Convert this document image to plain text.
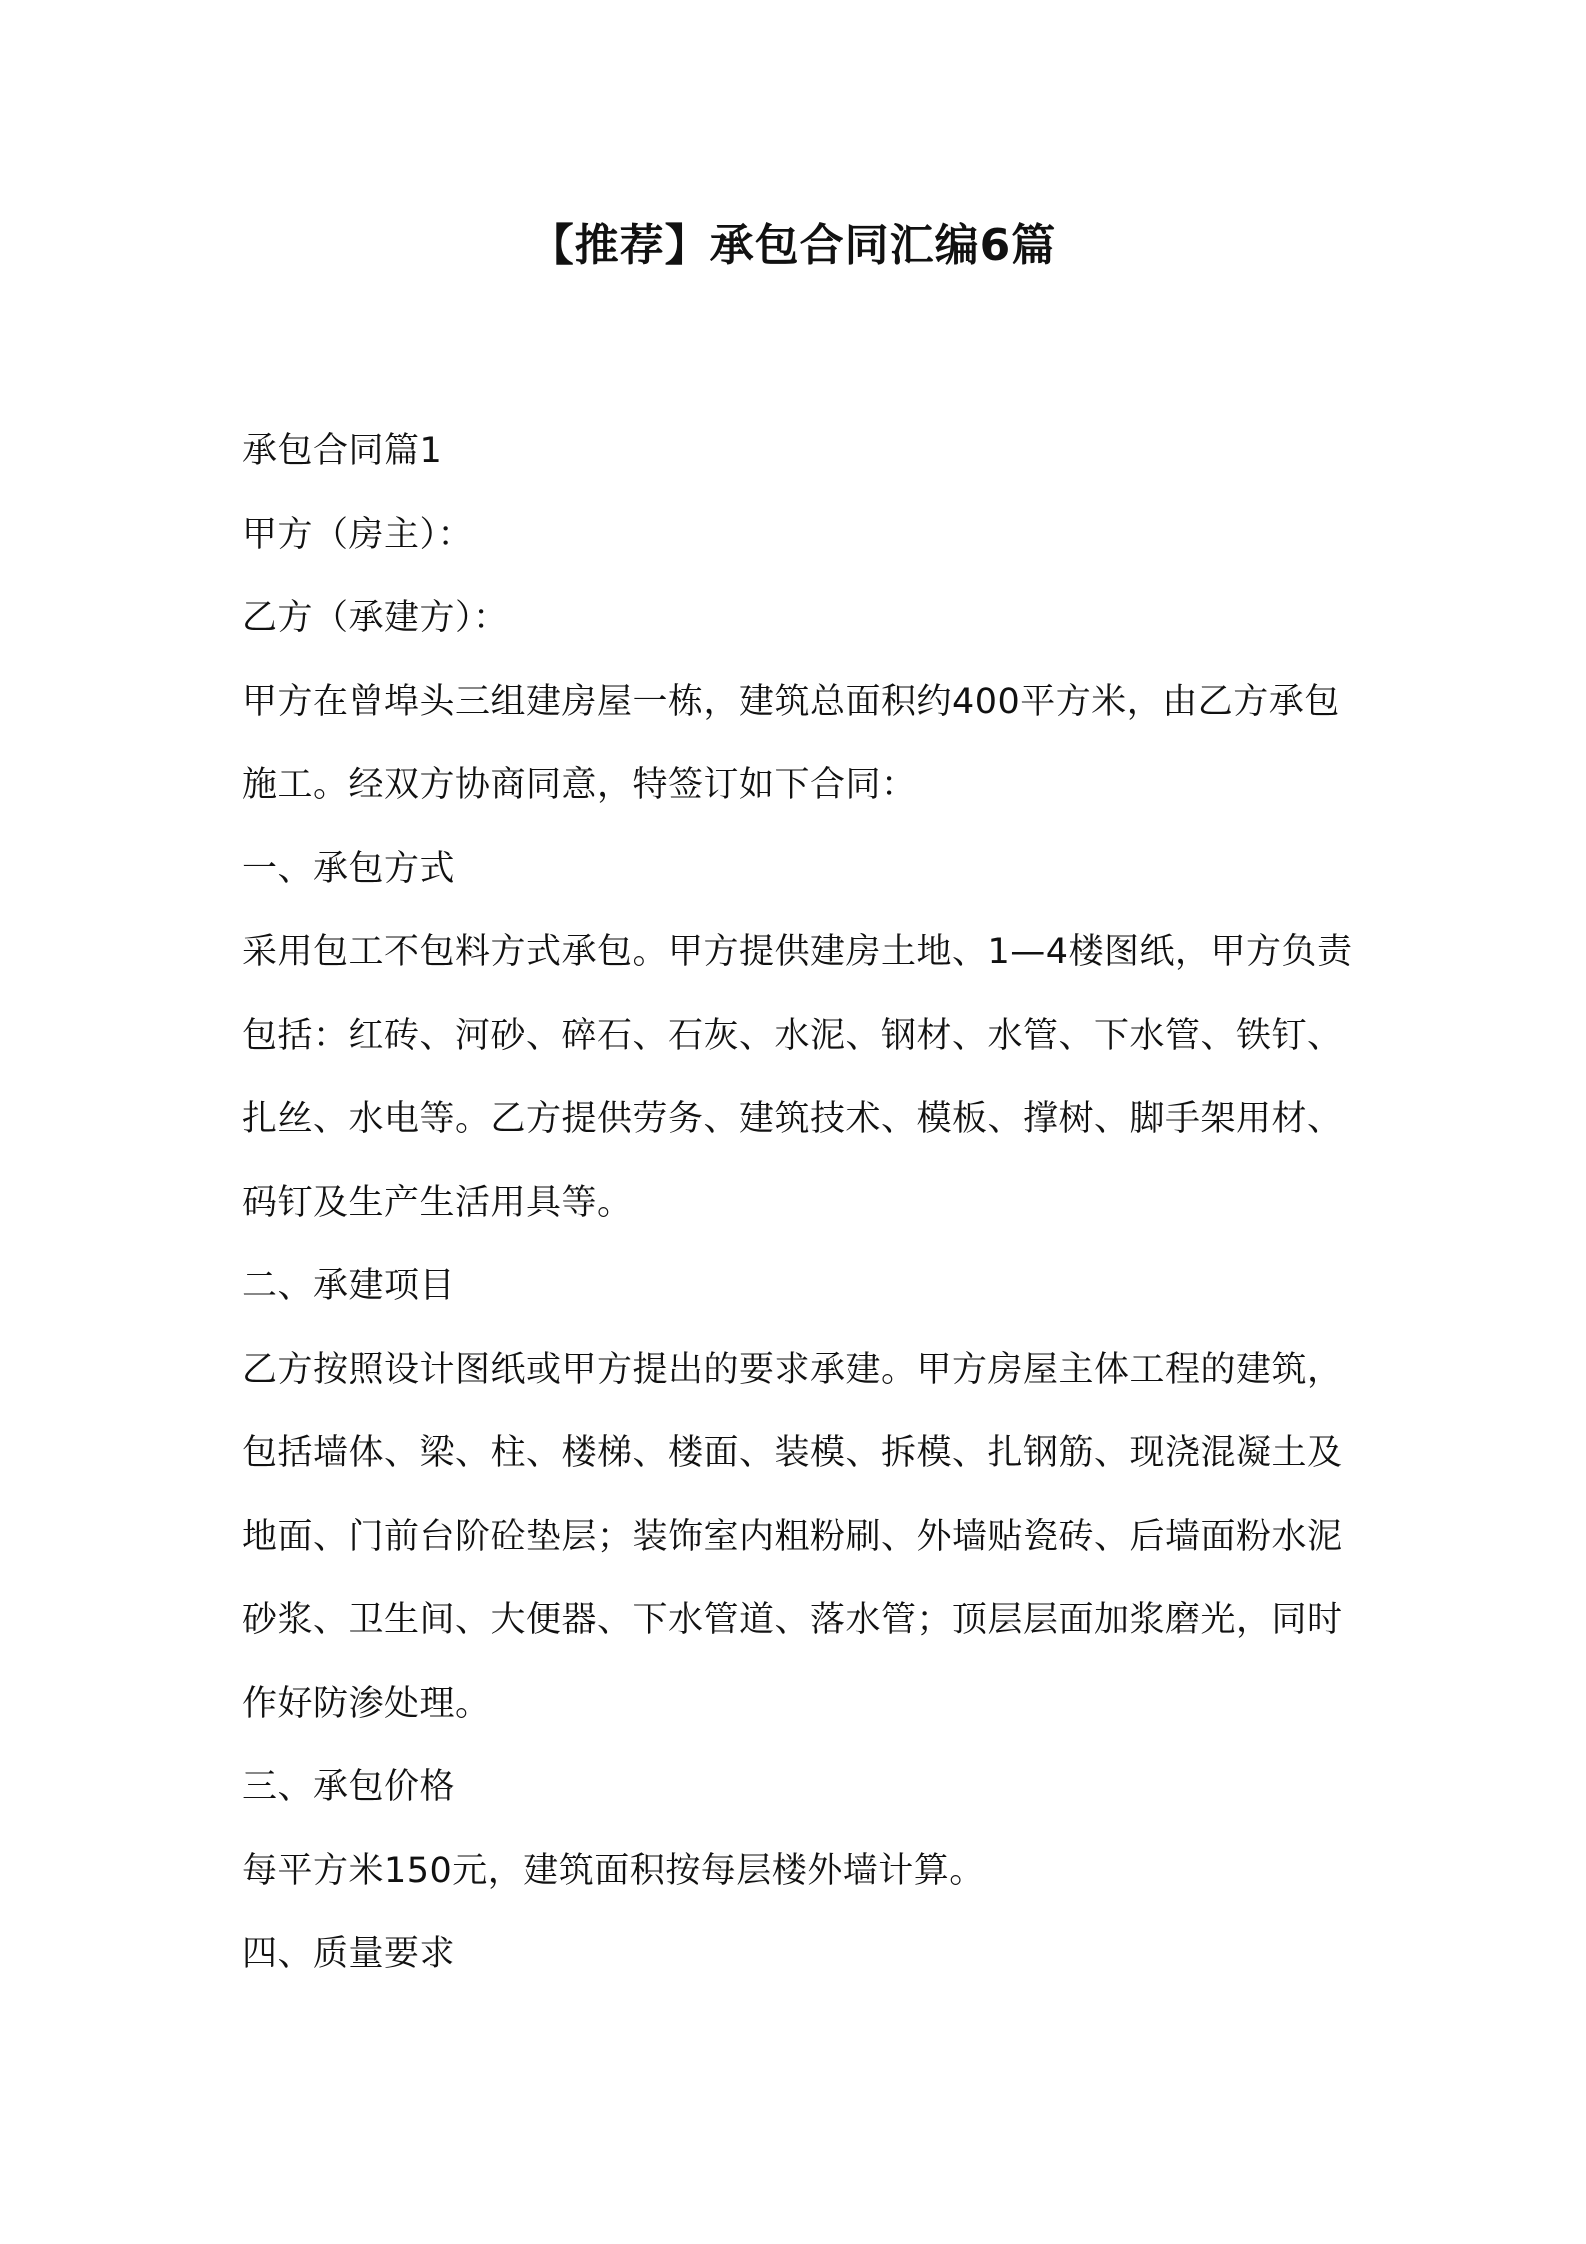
【推荐】承包合同汇编6篇

承包合同篇1

甲方（房主）：

乙方（承建方）：

甲方在曾埠头三组建房屋一栋，建筑总面积约400平方米，由乙方承包施工。经双方协商同意，特签订如下合同：

一、承包方式

采用包工不包料方式承包。甲方提供建房土地、1—4楼图纸，甲方负责包括：红砖、河砂、碎石、石灰、水泥、钢材、水管、下水管、铁钉、扎丝、水电等。乙方提供劳务、建筑技术、模板、撑树、脚手架用材、码钉及生产生活用具等。

二、承建项目

乙方按照设计图纸或甲方提出的要求承建。甲方房屋主体工程的建筑，包括墙体、梁、柱、楼梯、楼面、装模、拆模、扎钢筋、现浇混凝土及地面、门前台阶砼垫层；装饰室内粗粉刷、外墙贴瓷砖、后墙面粉水泥砂浆、卫生间、大便器、下水管道、落水管；顶层层面加浆磨光，同时作好防渗处理。

三、承包价格

每平方米150元，建筑面积按每层楼外墙计算。

四、质量要求
